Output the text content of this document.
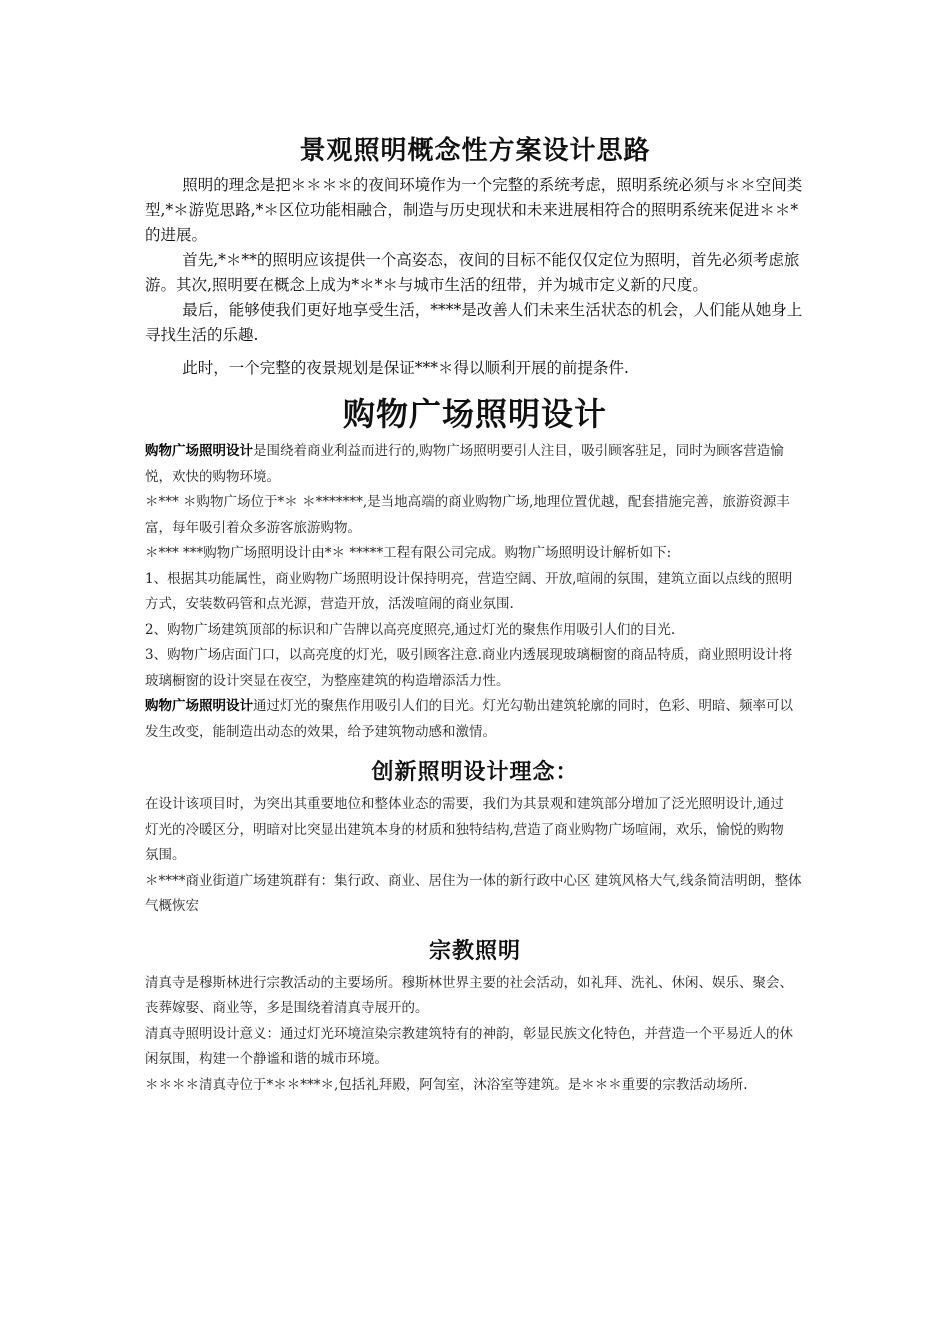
景观照明概念性方案设计思路

照明的理念是把＊＊＊＊的夜间环境作为一个完整的系统考虑，照明系统必须与＊＊空间类型,*＊游览思路,*＊区位功能相融合，制造与历史现状和未来进展相符合的照明系统来促进＊＊*的进展。

首先,*＊**的照明应该提供一个高姿态，夜间的目标不能仅仅定位为照明，首先必须考虑旅游。其次,照明要在概念上成为*＊*＊与城市生活的纽带，并为城市定义新的尺度。

最后，能够使我们更好地享受生活，****是改善人们未来生活状态的机会，人们能从她身上寻找生活的乐趣.

此时，一个完整的夜景规划是保证***＊得以顺利开展的前提条件.

购物广场照明设计

购物广场照明设计是围绕着商业利益而进行的,购物广场照明要引人注目，吸引顾客驻足，同时为顾客营造愉悦，欢快的购物环境。

＊*** ＊购物广场位于*＊ ＊*******,是当地高端的商业购物广场,地理位置优越，配套措施完善，旅游资源丰富，每年吸引着众多游客旅游购物。

＊*** ***购物广场照明设计由*＊ *****工程有限公司完成。购物广场照明设计解析如下:

1、根据其功能属性，商业购物广场照明设计保持明亮，营造空阔、开放,喧闹的氛围，建筑立面以点线的照明方式，安装数码管和点光源，营造开放，活泼喧闹的商业氛围.

2、购物广场建筑顶部的标识和广告牌以高亮度照亮,通过灯光的聚焦作用吸引人们的目光.

3、购物广场店面门口，以高亮度的灯光，吸引顾客注意.商业内透展现玻璃橱窗的商品特质，商业照明设计将玻璃橱窗的设计突显在夜空，为整座建筑的构造增添活力性。

购物广场照明设计通过灯光的聚焦作用吸引人们的目光。灯光勾勒出建筑轮廓的同时，色彩、明暗、频率可以发生改变，能制造出动态的效果，给予建筑物动感和激情。

创新照明设计理念：

在设计该项目时，为突出其重要地位和整体业态的需要，我们为其景观和建筑部分增加了泛光照明设计,通过

灯光的冷暖区分，明暗对比突显出建筑本身的材质和独特结构,营造了商业购物广场喧闹，欢乐，愉悦的购物

氛围。

＊****商业街道广场建筑群有：集行政、商业、居住为一体的新行政中心区 建筑风格大气,线条简洁明朗，整体气概恢宏

宗教照明

清真寺是穆斯林进行宗教活动的主要场所。穆斯林世界主要的社会活动，如礼拜、洗礼、休闲、娱乐、聚会、丧葬嫁娶、商业等，多是围绕着清真寺展开的。

清真寺照明设计意义：通过灯光环境渲染宗教建筑特有的神韵，彰显民族文化特色，并营造一个平易近人的休闲氛围，构建一个静谧和谐的城市环境。

＊＊＊＊清真寺位于*＊＊***＊,包括礼拜殿，阿訇室，沐浴室等建筑。是＊＊＊重要的宗教活动场所.
